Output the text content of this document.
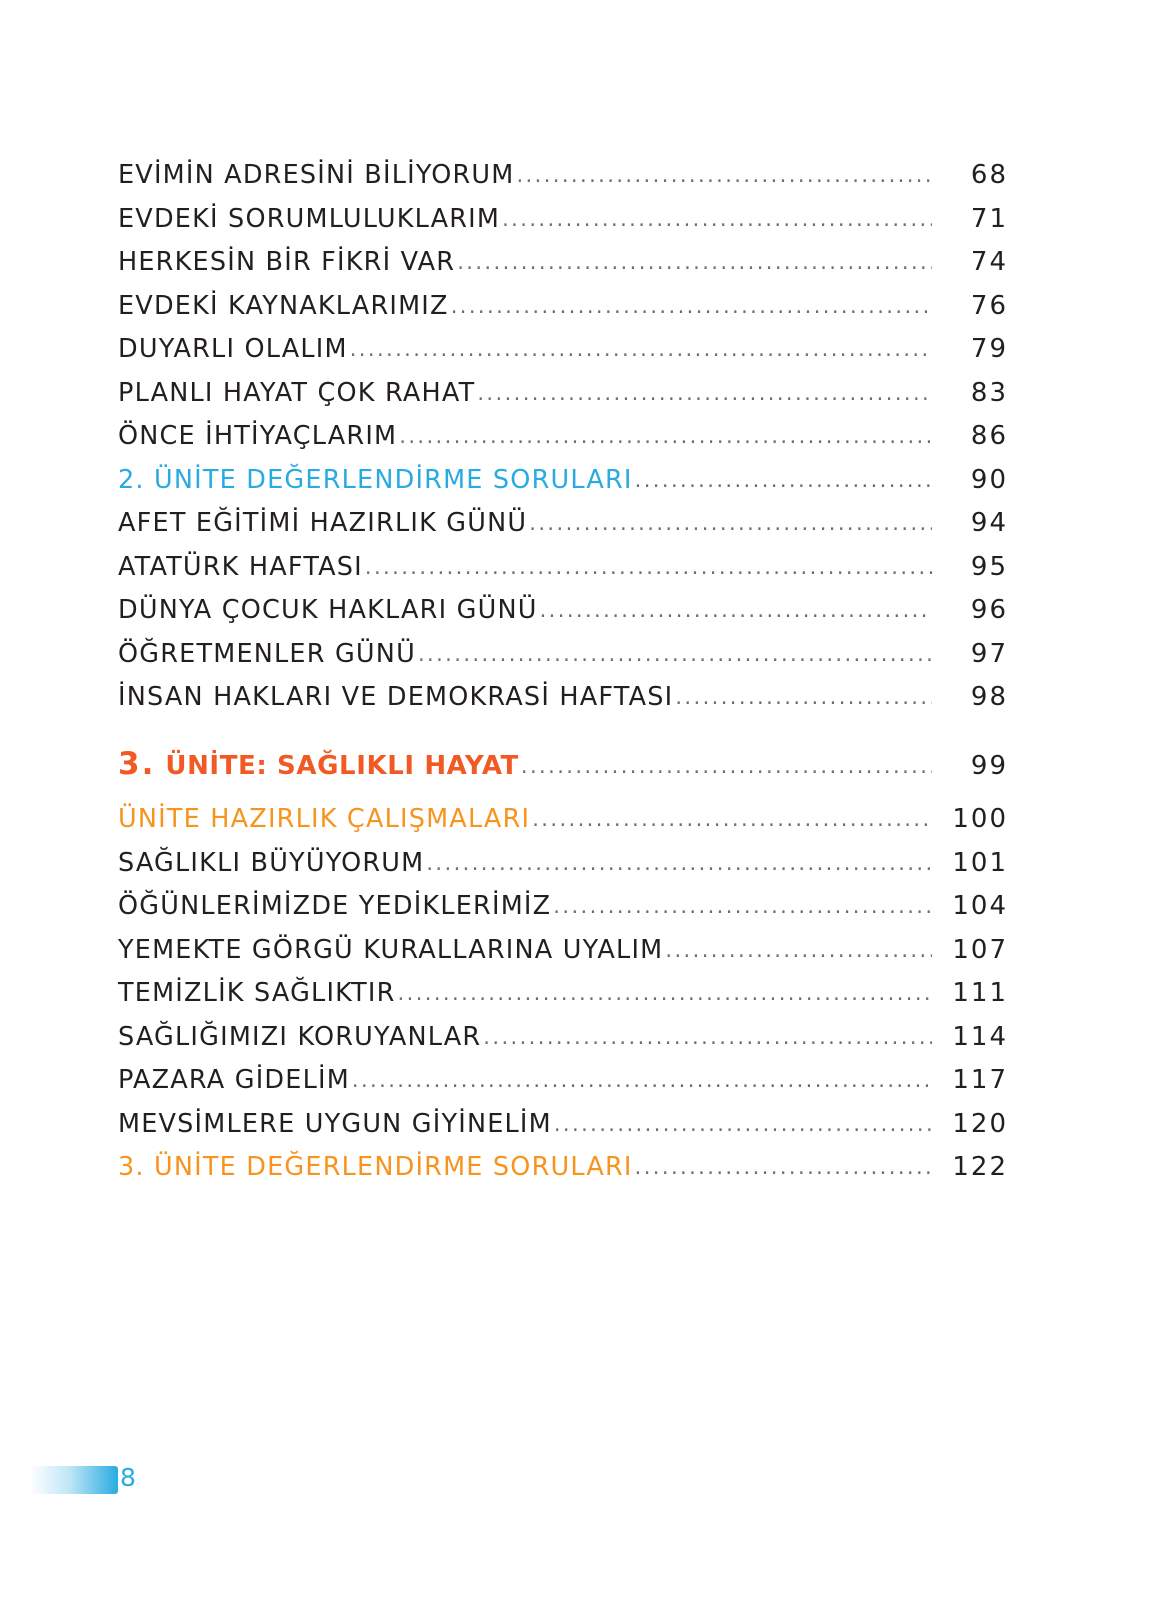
EVİMİN ADRESİNİ BİLİYORUM .....	68
EVDEKİ SORUMLULUKLARIM .....	71
HERKESİN BİR FİKRİ VAR .....	74
EVDEKİ KAYNAKLARIMIZ .....	76
DUYARLI OLALIM .....	79
PLANLI HAYAT ÇOK RAHAT .....	83
ÖNCE İHTİYAÇLARIM .....	86
2. ÜNİTE DEĞERLENDİRME SORULARI .....	90
AFET EĞİTİMİ HAZIRLIK GÜNÜ .....	94
ATATÜRK HAFTASI .....	95
DÜNYA ÇOCUK HAKLARI GÜNÜ .....	96
ÖĞRETMENLER GÜNÜ .....	97
İNSAN HAKLARI VE DEMOKRASİ HAFTASI .....	98
3. ÜNİTE: SAĞLIKLI HAYAT .....	99
ÜNİTE HAZIRLIK ÇALIŞMALARI .....	100
SAĞLIKLI BÜYÜYORUM .....	101
ÖĞÜNLERİMİZDE YEDİKLERİMİZ .....	104
YEMEKTE GÖRGÜ KURALLARINA UYALIM .....	107
TEMİZLİK SAĞLIKTIR .....	111
SAĞLIĞIMIZI KORUYANLAR .....	114
PAZARA GİDELİM .....	117
MEVSİMLERE UYGUN GİYİNELİM .....	120
3. ÜNİTE DEĞERLENDİRME SORULARI .....	122
8
